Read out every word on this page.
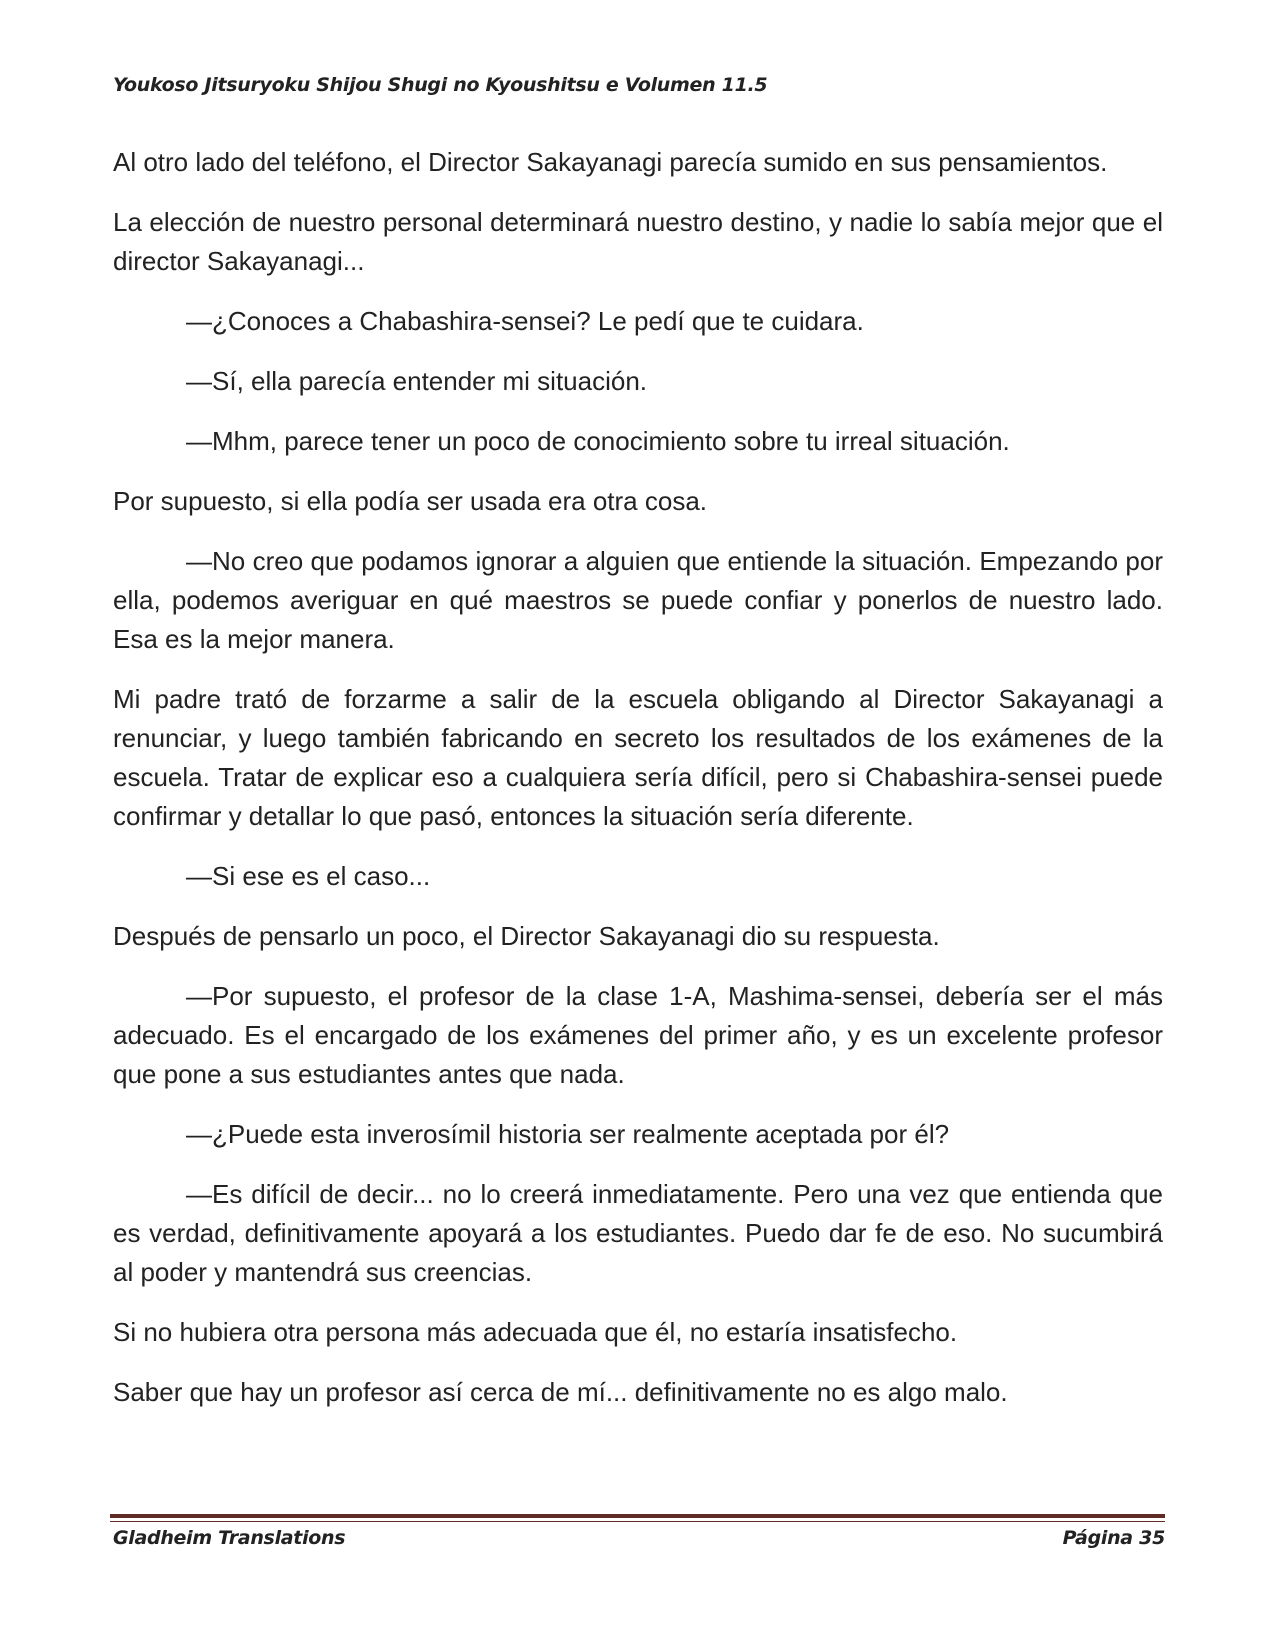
Youkoso Jitsuryoku Shijou Shugi no Kyoushitsu e Volumen 11.5

Al otro lado del teléfono, el Director Sakayanagi parecía sumido en sus pensamientos.

La elección de nuestro personal determinará nuestro destino, y nadie lo sabía mejor que el director Sakayanagi...

—¿Conoces a Chabashira-sensei? Le pedí que te cuidara.

—Sí, ella parecía entender mi situación.

—Mhm, parece tener un poco de conocimiento sobre tu irreal situación.

Por supuesto, si ella podía ser usada era otra cosa.

—No creo que podamos ignorar a alguien que entiende la situación. Empezando por ella, podemos averiguar en qué maestros se puede confiar y ponerlos de nuestro lado. Esa es la mejor manera.

Mi padre trató de forzarme a salir de la escuela obligando al Director Sakayanagi a renunciar, y luego también fabricando en secreto los resultados de los exámenes de la escuela. Tratar de explicar eso a cualquiera sería difícil, pero si Chabashira-sensei puede confirmar y detallar lo que pasó, entonces la situación sería diferente.

—Si ese es el caso...

Después de pensarlo un poco, el Director Sakayanagi dio su respuesta.

—Por supuesto, el profesor de la clase 1-A, Mashima-sensei, debería ser el más adecuado. Es el encargado de los exámenes del primer año, y es un excelente profesor que pone a sus estudiantes antes que nada.

—¿Puede esta inverosímil historia ser realmente aceptada por él?

—Es difícil de decir... no lo creerá inmediatamente. Pero una vez que entienda que es verdad, definitivamente apoyará a los estudiantes. Puedo dar fe de eso. No sucumbirá al poder y mantendrá sus creencias.

Si no hubiera otra persona más adecuada que él, no estaría insatisfecho.

Saber que hay un profesor así cerca de mí... definitivamente no es algo malo.

Gladheim Translations	Página 35
